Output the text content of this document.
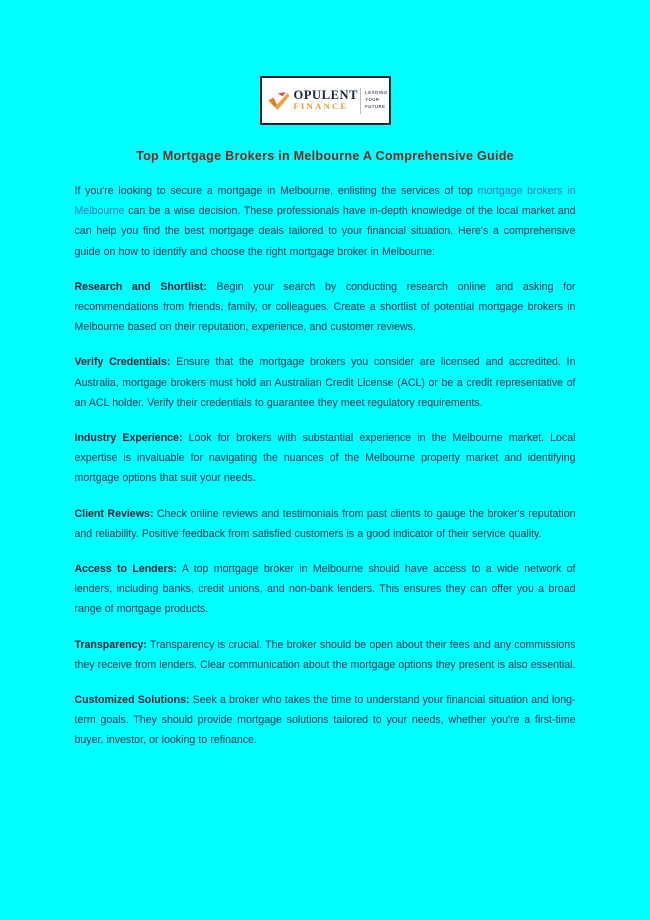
OPULENT
FINANCE
LEADING
YOUR
FUTURE
Top Mortgage Brokers in Melbourne A Comprehensive Guide

If you're looking to secure a mortgage in Melbourne, enlisting the services of top mortgage brokers in Melbourne can be a wise decision. These professionals have in-depth knowledge of the local market and can help you find the best mortgage deals tailored to your financial situation. Here's a comprehensive guide on how to identify and choose the right mortgage broker in Melbourne:

Research and Shortlist: Begin your search by conducting research online and asking for recommendations from friends, family, or colleagues. Create a shortlist of potential mortgage brokers in Melbourne based on their reputation, experience, and customer reviews.

Verify Credentials: Ensure that the mortgage brokers you consider are licensed and accredited. In Australia, mortgage brokers must hold an Australian Credit License (ACL) or be a credit representative of an ACL holder. Verify their credentials to guarantee they meet regulatory requirements.

Industry Experience: Look for brokers with substantial experience in the Melbourne market. Local expertise is invaluable for navigating the nuances of the Melbourne property market and identifying mortgage options that suit your needs.

Client Reviews: Check online reviews and testimonials from past clients to gauge the broker's reputation and reliability. Positive feedback from satisfied customers is a good indicator of their service quality.

Access to Lenders: A top mortgage broker in Melbourne should have access to a wide network of lenders, including banks, credit unions, and non-bank lenders. This ensures they can offer you a broad range of mortgage products.

Transparency: Transparency is crucial. The broker should be open about their fees and any commissions they receive from lenders. Clear communication about the mortgage options they present is also essential.

Customized Solutions: Seek a broker who takes the time to understand your financial situation and long-term goals. They should provide mortgage solutions tailored to your needs, whether you're a first-time buyer, investor, or looking to refinance.
